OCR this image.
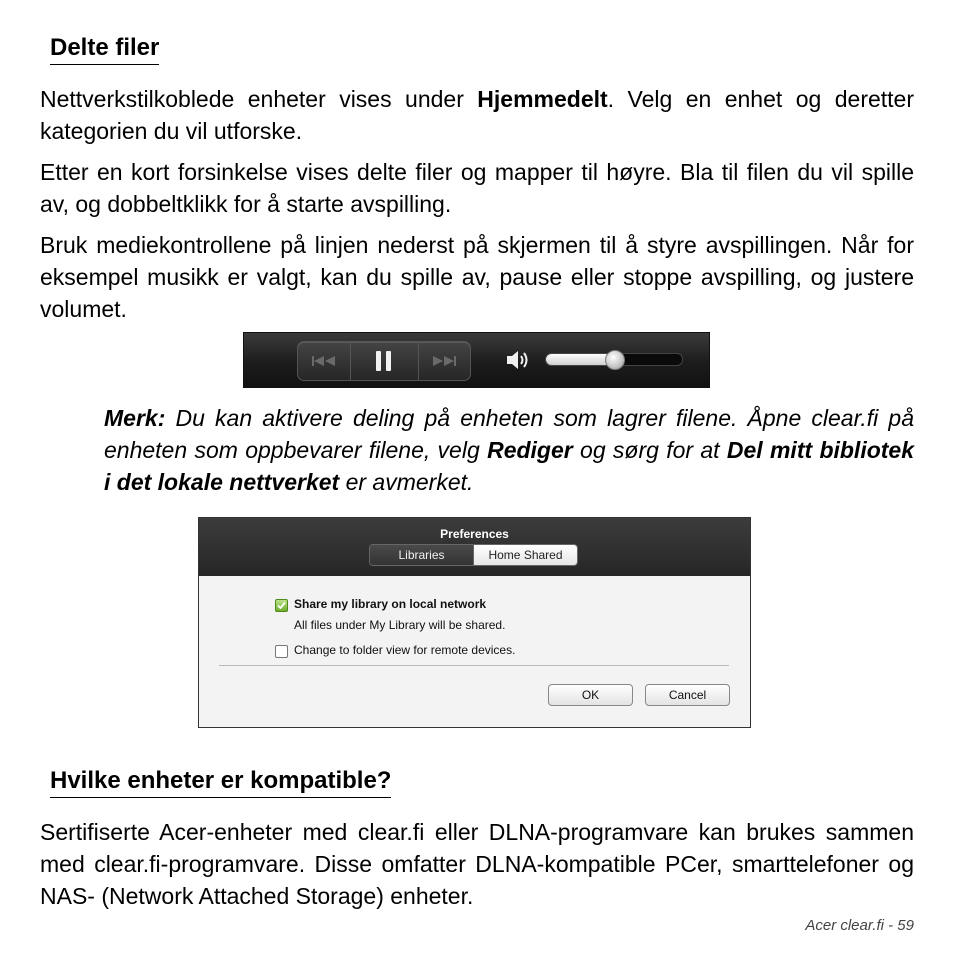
Delte filer

Nettverkstilkoblede enheter vises under Hjemmedelt. Velg en enhet og deretter kategorien du vil utforske.

Etter en kort forsinkelse vises delte filer og mapper til høyre. Bla til filen du vil spille av, og dobbeltklikk for å starte avspilling.

Bruk mediekontrollene på linjen nederst på skjermen til å styre avspillingen. Når for eksempel musikk er valgt, kan du spille av, pause eller stoppe avspilling, og justere volumet.

Merk: Du kan aktivere deling på enheten som lagrer filene. Åpne clear.fi på enheten som oppbevarer filene, velg Rediger og sørg for at Del mitt bibliotek i det lokale nettverket er avmerket.

Preferences
Libraries	Home Shared
Share my library on local network
All files under My Library will be shared.
Change to folder view for remote devices.
OK	Cancel
Hvilke enheter er kompatible?

Sertifiserte Acer-enheter med clear.fi eller DLNA-programvare kan brukes sammen med clear.fi-programvare. Disse omfatter DLNA-kompatible PCer, smarttelefoner og NAS- (Network Attached Storage) enheter.

Acer clear.fi - 59
